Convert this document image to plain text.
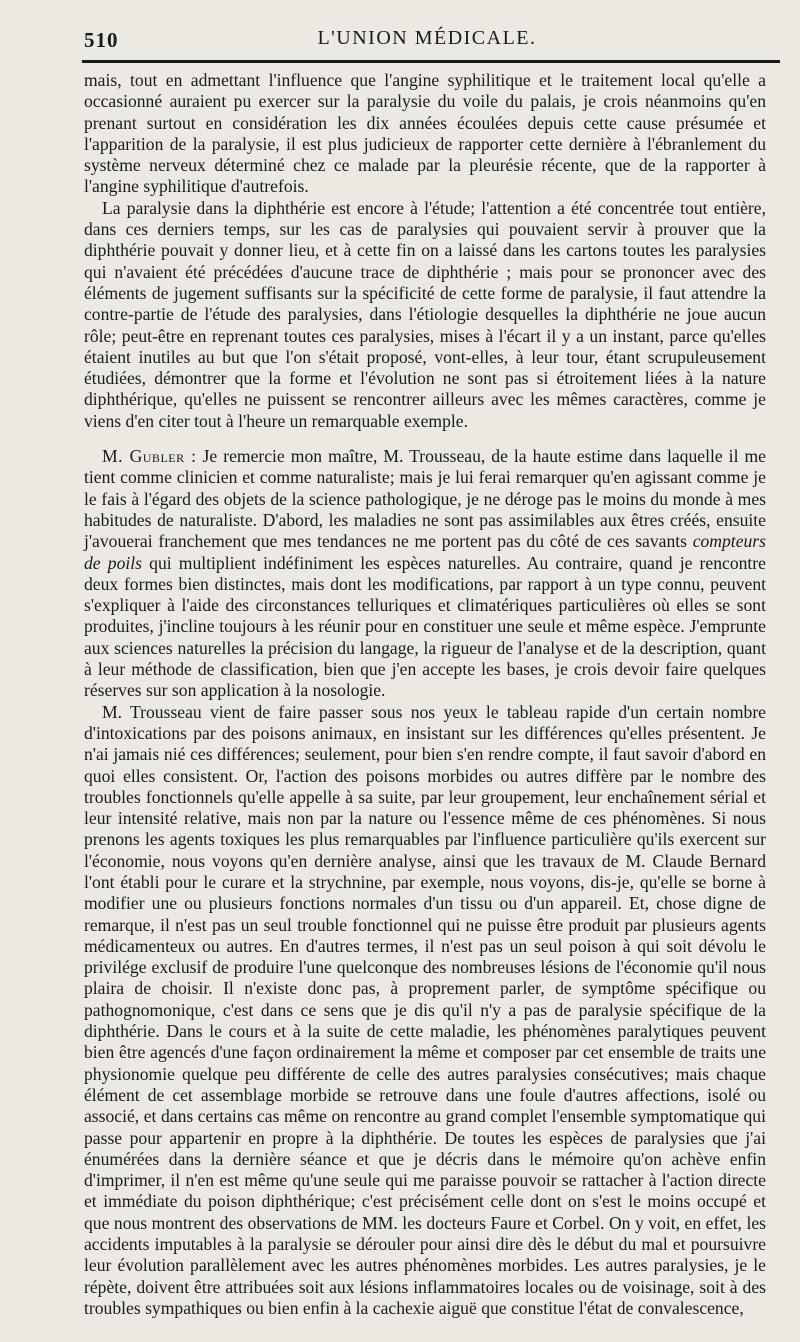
510	L'UNION MÉDICALE.

mais, tout en admettant l'influence que l'angine syphilitique et le traitement local qu'elle a occasionné auraient pu exercer sur la paralysie du voile du palais, je crois néanmoins qu'en prenant surtout en considération les dix années écoulées depuis cette cause présumée et l'apparition de la paralysie, il est plus judicieux de rapporter cette dernière à l'ébranlement du système nerveux déterminé chez ce malade par la pleurésie récente, que de la rapporter à l'angine syphilitique d'autrefois.

La paralysie dans la diphthérie est encore à l'étude; l'attention a été concentrée tout entière, dans ces derniers temps, sur les cas de paralysies qui pouvaient servir à prouver que la diphthérie pouvait y donner lieu, et à cette fin on a laissé dans les cartons toutes les paralysies qui n'avaient été précédées d'aucune trace de diphthérie ; mais pour se prononcer avec des éléments de jugement suffisants sur la spécificité de cette forme de paralysie, il faut attendre la contre-partie de l'étude des paralysies, dans l'étiologie desquelles la diphthérie ne joue aucun rôle; peut-être en reprenant toutes ces paralysies, mises à l'écart il y a un instant, parce qu'elles étaient inutiles au but que l'on s'était proposé, vont-elles, à leur tour, étant scrupuleusement étudiées, démontrer que la forme et l'évolution ne sont pas si étroitement liées à la nature diphthérique, qu'elles ne puissent se rencontrer ailleurs avec les mêmes caractères, comme je viens d'en citer tout à l'heure un remarquable exemple.

M. Gubler : Je remercie mon maître, M. Trousseau, de la haute estime dans laquelle il me tient comme clinicien et comme naturaliste; mais je lui ferai remarquer qu'en agissant comme je le fais à l'égard des objets de la science pathologique, je ne déroge pas le moins du monde à mes habitudes de naturaliste. D'abord, les maladies ne sont pas assimilables aux êtres créés, ensuite j'avouerai franchement que mes tendances ne me portent pas du côté de ces savants compteurs de poils qui multiplient indéfiniment les espèces naturelles. Au contraire, quand je rencontre deux formes bien distinctes, mais dont les modifications, par rapport à un type connu, peuvent s'expliquer à l'aide des circonstances telluriques et climatériques particulières où elles se sont produites, j'incline toujours à les réunir pour en constituer une seule et même espèce. J'emprunte aux sciences naturelles la précision du langage, la rigueur de l'analyse et de la description, quant à leur méthode de classification, bien que j'en accepte les bases, je crois devoir faire quelques réserves sur son application à la nosologie.

M. Trousseau vient de faire passer sous nos yeux le tableau rapide d'un certain nombre d'intoxications par des poisons animaux, en insistant sur les différences qu'elles présentent. Je n'ai jamais nié ces différences; seulement, pour bien s'en rendre compte, il faut savoir d'abord en quoi elles consistent. Or, l'action des poisons morbides ou autres diffère par le nombre des troubles fonctionnels qu'elle appelle à sa suite, par leur groupement, leur enchaînement sérial et leur intensité relative, mais non par la nature ou l'essence même de ces phénomènes. Si nous prenons les agents toxiques les plus remarquables par l'influence particulière qu'ils exercent sur l'économie, nous voyons qu'en dernière analyse, ainsi que les travaux de M. Claude Bernard l'ont établi pour le curare et la strychnine, par exemple, nous voyons, dis-je, qu'elle se borne à modifier une ou plusieurs fonctions normales d'un tissu ou d'un appareil. Et, chose digne de remarque, il n'est pas un seul trouble fonctionnel qui ne puisse être produit par plusieurs agents médicamenteux ou autres. En d'autres termes, il n'est pas un seul poison à qui soit dévolu le privilége exclusif de produire l'une quelconque des nombreuses lésions de l'économie qu'il nous plaira de choisir. Il n'existe donc pas, à proprement parler, de symptôme spécifique ou pathognomonique, c'est dans ce sens que je dis qu'il n'y a pas de paralysie spécifique de la diphthérie. Dans le cours et à la suite de cette maladie, les phénomènes paralytiques peuvent bien être agencés d'une façon ordinairement la même et composer par cet ensemble de traits une physionomie quelque peu différente de celle des autres paralysies consécutives; mais chaque élément de cet assemblage morbide se retrouve dans une foule d'autres affections, isolé ou associé, et dans certains cas même on rencontre au grand complet l'ensemble symptomatique qui passe pour appartenir en propre à la diphthérie. De toutes les espèces de paralysies que j'ai énumérées dans la dernière séance et que je décris dans le mémoire qu'on achève enfin d'imprimer, il n'en est même qu'une seule qui me paraisse pouvoir se rattacher à l'action directe et immédiate du poison diphthérique; c'est précisément celle dont on s'est le moins occupé et que nous montrent des observations de MM. les docteurs Faure et Corbel. On y voit, en effet, les accidents imputables à la paralysie se dérouler pour ainsi dire dès le début du mal et poursuivre leur évolution parallèlement avec les autres phénomènes morbides. Les autres paralysies, je le répète, doivent être attribuées soit aux lésions inflammatoires locales ou de voisinage, soit à des troubles sympathiques ou bien enfin à la cachexie aiguë que constitue l'état de convalescence,
